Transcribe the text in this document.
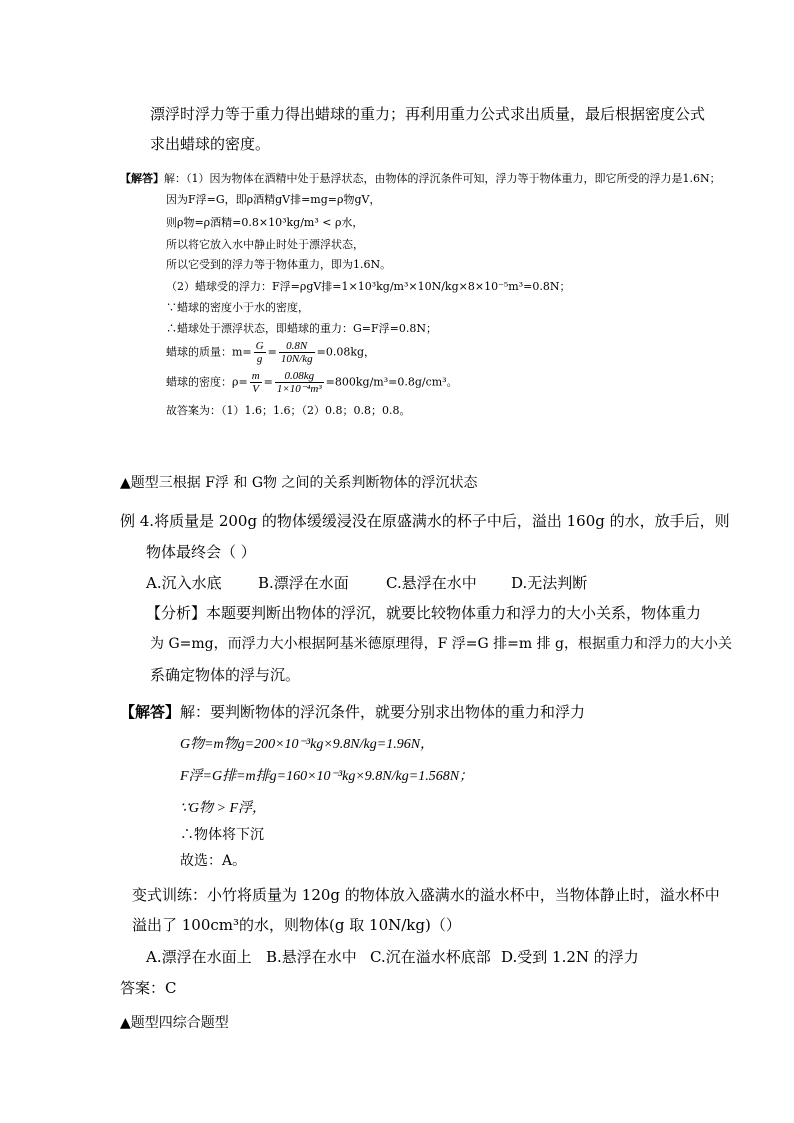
漂浮时浮力等于重力得出蜡球的重力；再利用重力公式求出质量，最后根据密度公式
求出蜡球的密度。
【解答】解：（1）因为物体在酒精中处于悬浮状态，由物体的浮沉条件可知，浮力等于物体重力，即它所受的浮力是1.6N；
因为F浮=G，即ρ酒精gV排=mg=ρ物gV，
则ρ物=ρ酒精=0.8×10³kg/m³ < ρ水，
所以将它放入水中静止时处于漂浮状态，
所以它受到的浮力等于物体重力，即为1.6N。
（2）蜡球受的浮力：F浮=ρgV排=1×10³kg/m³×10N/kg×8×10⁻⁵m³=0.8N；
∵蜡球的密度小于水的密度，
∴蜡球处于漂浮状态，即蜡球的重力：G=F浮=0.8N；
蜡球的质量：$m= \frac{G}{g} = \frac{0.8N}{10N/kg} =0.08kg$，
蜡球的密度：$\rho= \frac{m}{V} = \frac{0.08kg}{\text{1×10⁻⁴m³}} =800kg/m^3=0.8g/cm^3$。
故答案为：（1）1.6；1.6；（2）0.8；0.8；0.8。
▲题型三根据 F浮 和 G物 之间的关系判断物体的浮沉状态
例 4.将质量是 200g 的物体缓缓浸没在原盛满水的杯子中后，溢出 160g 的水，放手后，则
物体最终会（ ）
A.沉入水底 B.漂浮在水面 C.悬浮在水中 D.无法判断
【分析】本题要判断出物体的浮沉，就要比较物体重力和浮力的大小关系，物体重力
为 G=mg，而浮力大小根据阿基米德原理得，F 浮=G 排=m 排 g，根据重力和浮力的大小关
系确定物体的浮与沉。
【解答】解：要判断物体的浮沉条件，就要分别求出物体的重力和浮力
G物=m物g=200×10⁻³kg×9.8N/kg=1.96N，
F浮=G排=m排g=160×10⁻³kg×9.8N/kg=1.568N；
∵G物 > F浮，
∴物体将下沉
故选：A。
变式训练：小竹将质量为 120g 的物体放入盛满水的溢水杯中，当物体静止时，溢水杯中
溢出了 100cm³的水，则物体(g 取 10N/kg)（）
A.漂浮在水面上 B.悬浮在水中 C.沉在溢水杯底部 D.受到 1.2N 的浮力
答案：C
▲题型四综合题型
